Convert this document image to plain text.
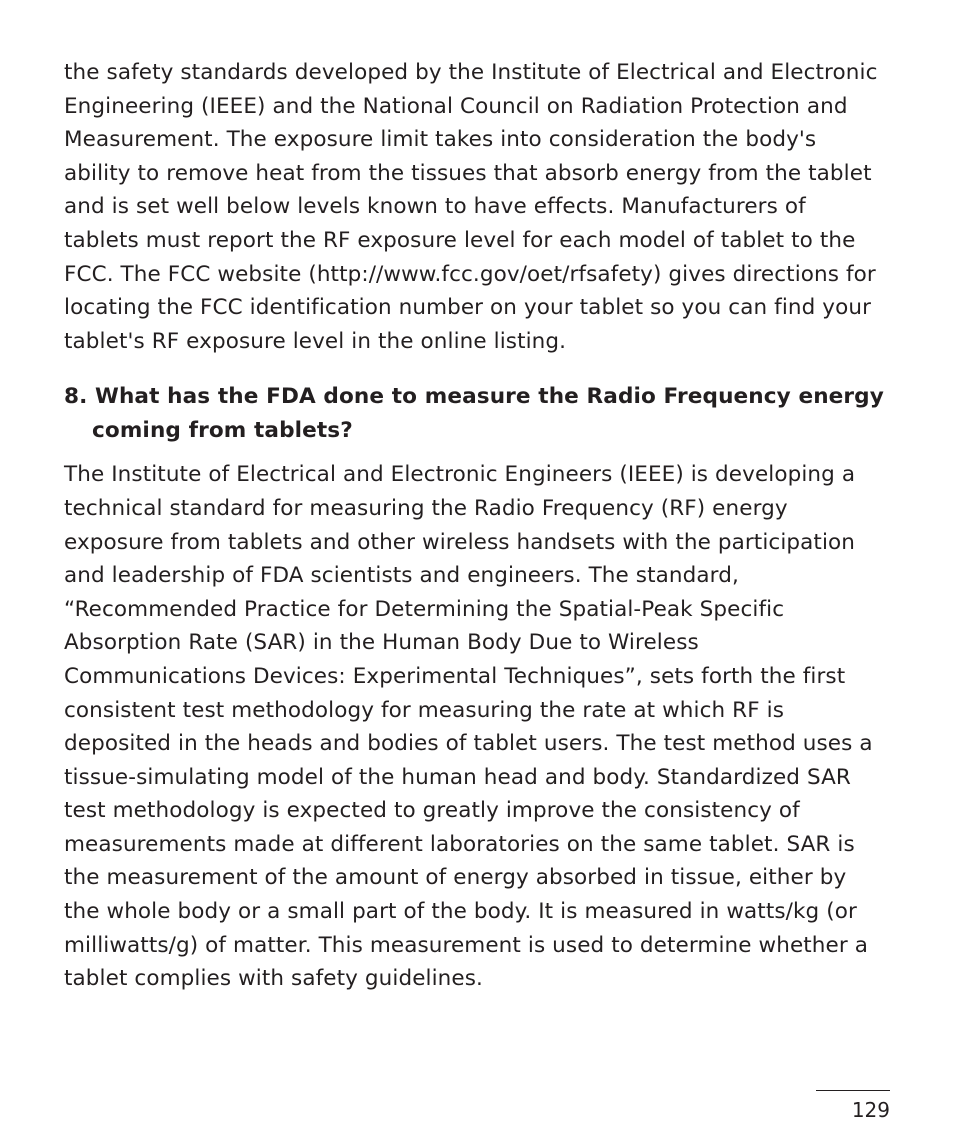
the safety standards developed by the Institute of Electrical and Electronic Engineering (IEEE) and the National Council on Radiation Protection and Measurement. The exposure limit takes into consideration the body's ability to remove heat from the tissues that absorb energy from the tablet and is set well below levels known to have effects. Manufacturers of tablets must report the RF exposure level for each model of tablet to the FCC. The FCC website (http://www.fcc.gov/oet/rfsafety) gives directions for locating the FCC identification number on your tablet so you can find your tablet's RF exposure level in the online listing.

8. What has the FDA done to measure the Radio Frequency energy coming from tablets?

The Institute of Electrical and Electronic Engineers (IEEE) is developing a technical standard for measuring the Radio Frequency (RF) energy exposure from tablets and other wireless handsets with the participation and leadership of FDA scientists and engineers. The standard, “Recommended Practice for Determining the Spatial-Peak Specific Absorption Rate (SAR) in the Human Body Due to Wireless Communications Devices: Experimental Techniques”, sets forth the first consistent test methodology for measuring the rate at which RF is deposited in the heads and bodies of tablet users. The test method uses a tissue-simulating model of the human head and body. Standardized SAR test methodology is expected to greatly improve the consistency of measurements made at different laboratories on the same tablet. SAR is the measurement of the amount of energy absorbed in tissue, either by the whole body or a small part of the body. It is measured in watts/kg (or milliwatts/g) of matter. This measurement is used to determine whether a tablet complies with safety guidelines.

129
